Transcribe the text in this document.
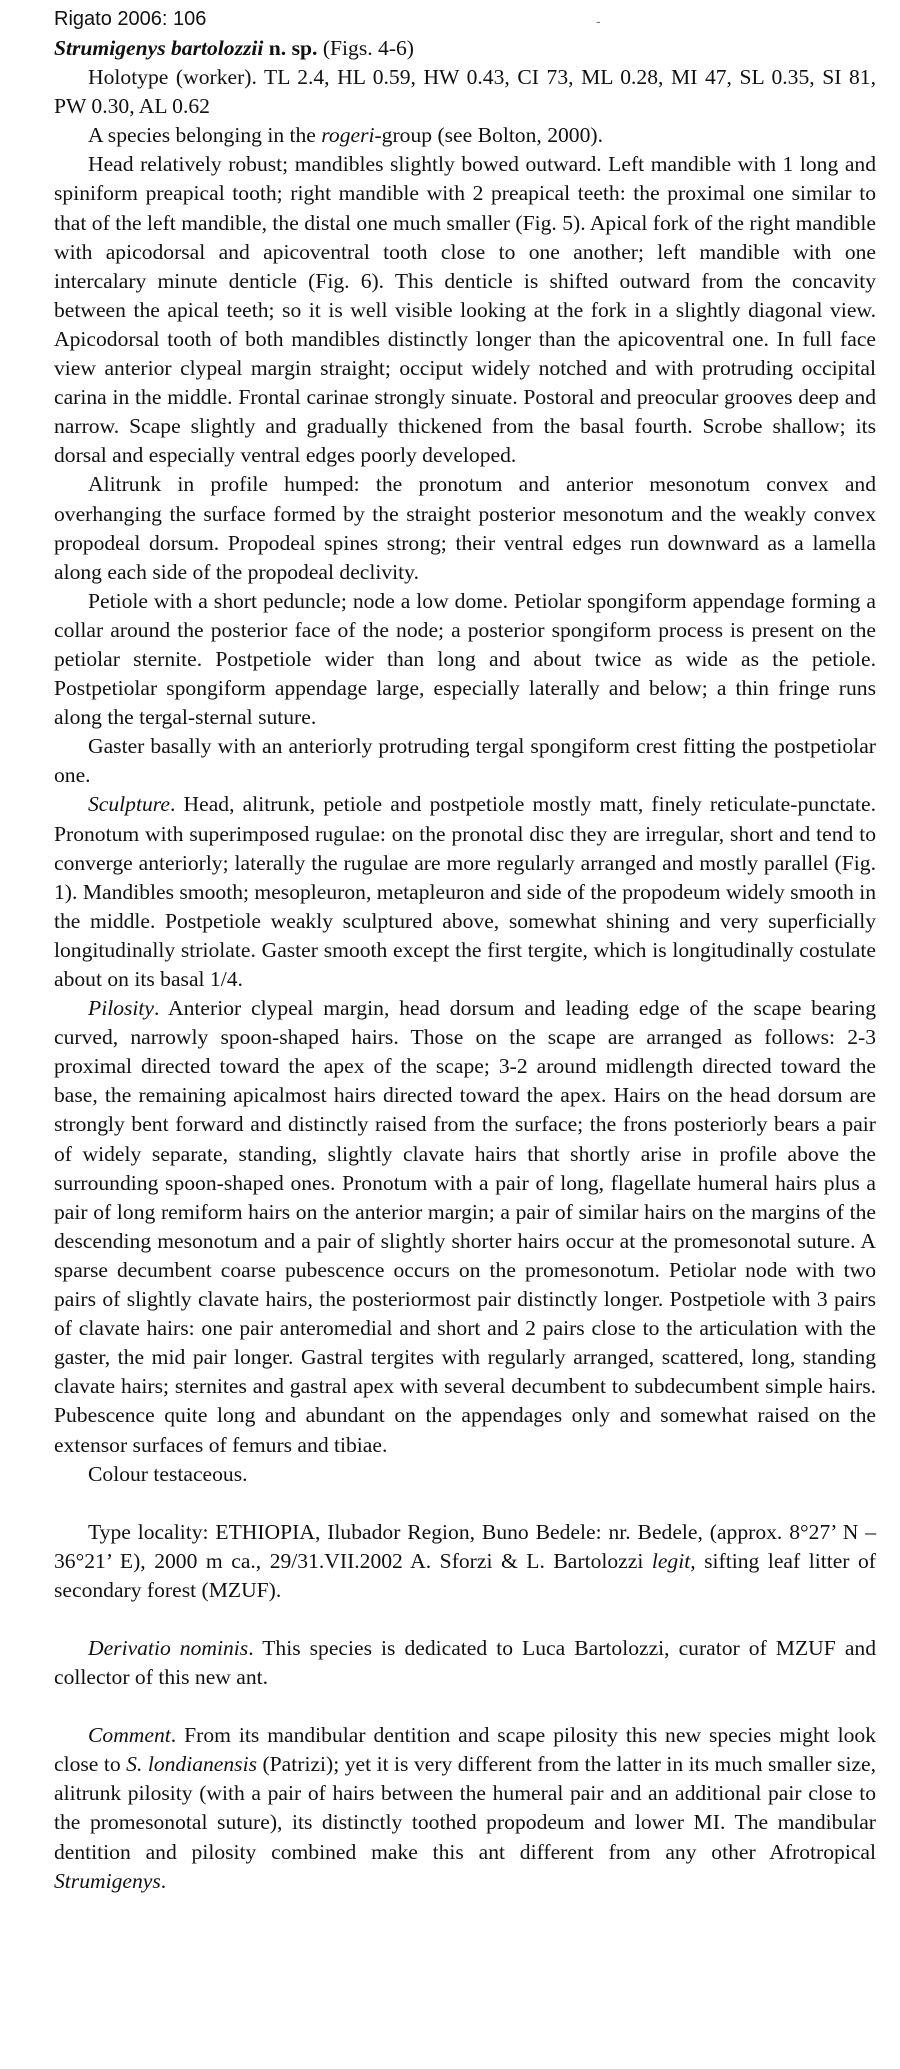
Rigato 2006: 106	-

Strumigenys bartolozzii n. sp. (Figs. 4-6)

Holotype (worker). TL 2.4, HL 0.59, HW 0.43, CI 73, ML 0.28, MI 47, SL 0.35, SI 81, PW 0.30, AL 0.62

A species belonging in the rogeri-group (see Bolton, 2000).

Head relatively robust; mandibles slightly bowed outward. Left mandible with 1 long and spiniform preapical tooth; right mandible with 2 preapical teeth: the proximal one similar to that of the left mandible, the distal one much smaller (Fig. 5). Apical fork of the right mandible with apicodorsal and apicoventral tooth close to one another; left mandible with one intercalary minute denticle (Fig. 6). This denticle is shifted outward from the concavity between the apical teeth; so it is well visible looking at the fork in a slightly diagonal view. Apicodorsal tooth of both mandibles distinctly longer than the apicoventral one. In full face view anterior clypeal margin straight; occiput widely notched and with protruding occipital carina in the middle. Frontal carinae strongly sinuate. Postoral and preocular grooves deep and narrow. Scape slightly and gradually thickened from the basal fourth. Scrobe shallow; its dorsal and especially ventral edges poorly developed.

Alitrunk in profile humped: the pronotum and anterior mesonotum convex and overhanging the surface formed by the straight posterior mesonotum and the weakly convex propodeal dorsum. Propodeal spines strong; their ventral edges run downward as a lamella along each side of the propodeal declivity.

Petiole with a short peduncle; node a low dome. Petiolar spongiform appendage forming a collar around the posterior face of the node; a posterior spongiform process is present on the petiolar sternite. Postpetiole wider than long and about twice as wide as the petiole. Postpetiolar spongiform appendage large, especially laterally and below; a thin fringe runs along the tergal-sternal suture.

Gaster basally with an anteriorly protruding tergal spongiform crest fitting the postpetiolar one.

Sculpture. Head, alitrunk, petiole and postpetiole mostly matt, finely reticulate-punctate. Pronotum with superimposed rugulae: on the pronotal disc they are irregular, short and tend to converge anteriorly; laterally the rugulae are more regularly arranged and mostly parallel (Fig. 1). Mandibles smooth; mesopleuron, metapleuron and side of the propodeum widely smooth in the middle. Postpetiole weakly sculptured above, somewhat shining and very superficially longitudinally striolate. Gaster smooth except the first tergite, which is longitudinally costulate about on its basal 1/4.

Pilosity. Anterior clypeal margin, head dorsum and leading edge of the scape bearing curved, narrowly spoon-shaped hairs. Those on the scape are arranged as follows: 2-3 proximal directed toward the apex of the scape; 3-2 around midlength directed toward the base, the remaining apicalmost hairs directed toward the apex. Hairs on the head dorsum are strongly bent forward and distinctly raised from the surface; the frons posteriorly bears a pair of widely separate, standing, slightly clavate hairs that shortly arise in profile above the surrounding spoon-shaped ones. Pronotum with a pair of long, flagellate humeral hairs plus a pair of long remiform hairs on the anterior margin; a pair of similar hairs on the margins of the descending mesonotum and a pair of slightly shorter hairs occur at the promesonotal suture. A sparse decumbent coarse pubescence occurs on the promesonotum. Petiolar node with two pairs of slightly clavate hairs, the posteriormost pair distinctly longer. Postpetiole with 3 pairs of clavate hairs: one pair anteromedial and short and 2 pairs close to the articulation with the gaster, the mid pair longer. Gastral tergites with regularly arranged, scattered, long, standing clavate hairs; sternites and gastral apex with several decumbent to subdecumbent simple hairs. Pubescence quite long and abundant on the appendages only and somewhat raised on the extensor surfaces of femurs and tibiae.

Colour testaceous.

Type locality: ETHIOPIA, Ilubador Region, Buno Bedele: nr. Bedele, (approx. 8°27’ N – 36°21’ E), 2000 m ca., 29/31.VII.2002 A. Sforzi & L. Bartolozzi legit, sifting leaf litter of secondary forest (MZUF).

Derivatio nominis. This species is dedicated to Luca Bartolozzi, curator of MZUF and collector of this new ant.

Comment. From its mandibular dentition and scape pilosity this new species might look close to S. londianensis (Patrizi); yet it is very different from the latter in its much smaller size, alitrunk pilosity (with a pair of hairs between the humeral pair and an additional pair close to the promesonotal suture), its distinctly toothed propodeum and lower MI. The mandibular dentition and pilosity combined make this ant different from any other Afrotropical Strumigenys.
